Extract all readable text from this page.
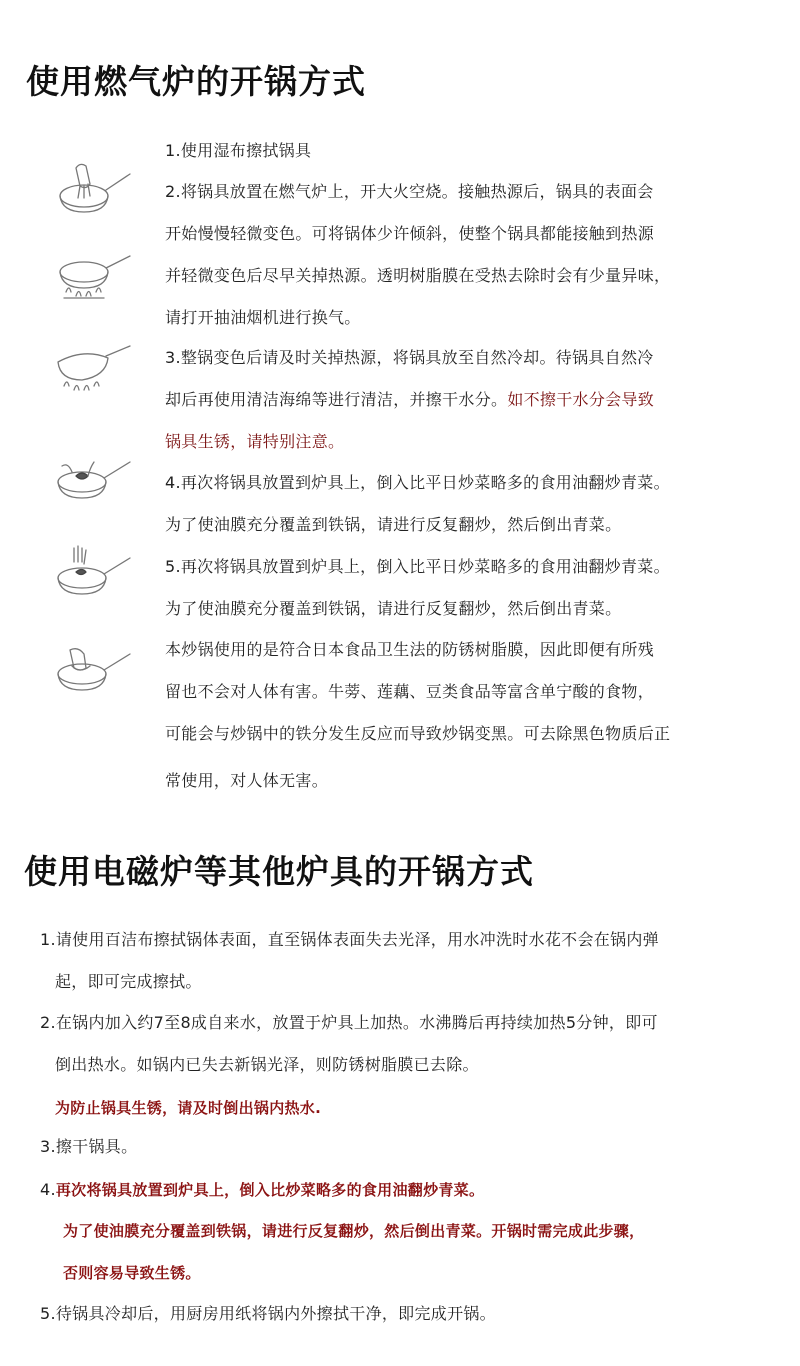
使用燃气炉的开锅方式
1.使用湿布擦拭锅具
2.将锅具放置在燃气炉上，开大火空烧。接触热源后，锅具的表面会
开始慢慢轻微变色。可将锅体少许倾斜，使整个锅具都能接触到热源
并轻微变色后尽早关掉热源。透明树脂膜在受热去除时会有少量异味，
请打开抽油烟机进行换气。
3.整锅变色后请及时关掉热源，将锅具放至自然冷却。待锅具自然冷
却后再使用清洁海绵等进行清洁，并擦干水分。如不擦干水分会导致
锅具生锈，请特别注意。
4.再次将锅具放置到炉具上，倒入比平日炒菜略多的食用油翻炒青菜。
为了使油膜充分覆盖到铁锅，请进行反复翻炒，然后倒出青菜。
5.再次将锅具放置到炉具上，倒入比平日炒菜略多的食用油翻炒青菜。
为了使油膜充分覆盖到铁锅，请进行反复翻炒，然后倒出青菜。
本炒锅使用的是符合日本食品卫生法的防锈树脂膜，因此即便有所残
留也不会对人体有害。牛蒡、莲藕、豆类食品等富含单宁酸的食物，
可能会与炒锅中的铁分发生反应而导致炒锅变黑。可去除黑色物质后正
常使用，对人体无害。
使用电磁炉等其他炉具的开锅方式
1.请使用百洁布擦拭锅体表面，直至锅体表面失去光泽，用水冲洗时水花不会在锅内弹
起，即可完成擦拭。
2.在锅内加入约7至8成自来水，放置于炉具上加热。水沸腾后再持续加热5分钟，即可
倒出热水。如锅内已失去新锅光泽，则防锈树脂膜已去除。
为防止锅具生锈，请及时倒出锅内热水.
3.擦干锅具。
4.再次将锅具放置到炉具上，倒入比炒菜略多的食用油翻炒青菜。
为了使油膜充分覆盖到铁锅，请进行反复翻炒，然后倒出青菜。开锅时需完成此步骤，
否则容易导致生锈。
5.待锅具冷却后，用厨房用纸将锅内外擦拭干净，即完成开锅。
